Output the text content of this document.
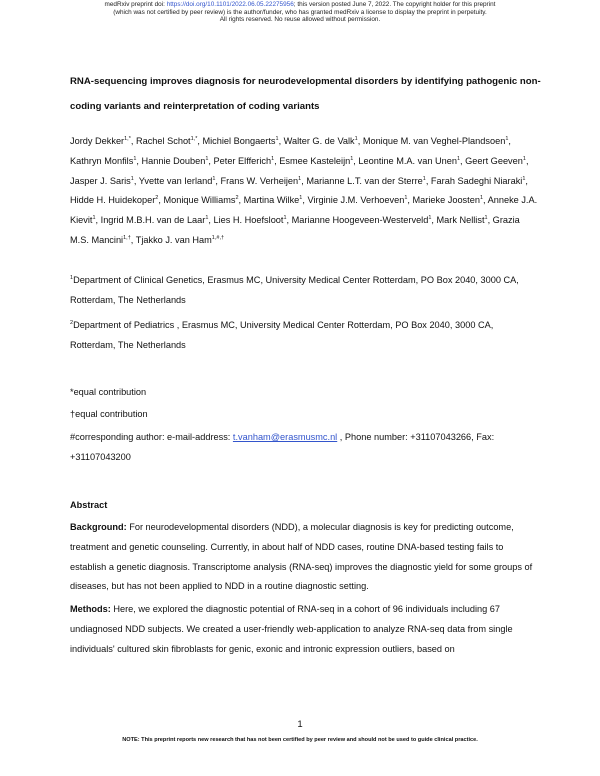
medRxiv preprint doi: https://doi.org/10.1101/2022.06.05.22275956; this version posted June 7, 2022. The copyright holder for this preprint
(which was not certified by peer review) is the author/funder, who has granted medRxiv a license to display the preprint in perpetuity.
All rights reserved. No reuse allowed without permission.
RNA-sequencing improves diagnosis for neurodevelopmental disorders by identifying pathogenic non-coding variants and reinterpretation of coding variants
Jordy Dekker$^{1,*}$, Rachel Schot$^{1,*}$, Michiel Bongaerts$^1$, Walter G. de Valk$^1$, Monique M. van Veghel-Plandsoen$^1$, Kathryn Monfils$^1$, Hannie Douben$^1$, Peter Elfferich$^1$, Esmee Kasteleijn$^1$, Leontine M.A. van Unen$^1$, Geert Geeven$^1$, Jasper J. Saris$^1$, Yvette van Ierland$^1$, Frans W. Verheijen$^1$, Marianne L.T. van der Sterre$^1$, Farah Sadeghi Niaraki$^1$, Hidde H. Huidekoper$^2$, Monique Williams$^2$, Martina Wilke$^1$, Virginie J.M. Verhoeven$^1$, Marieke Joosten$^1$, Anneke J.A. Kievit$^1$, Ingrid M.B.H. van de Laar$^1$, Lies H. Hoefsloot$^1$, Marianne Hoogeveen-Westerveld$^1$, Mark Nellist$^1$, Grazia M.S. Mancini$^{1,\dagger}$, Tjakko J. van Ham$^{1,\#,\dagger}$
$^1$Department of Clinical Genetics, Erasmus MC, University Medical Center Rotterdam, PO Box 2040, 3000 CA, Rotterdam, The Netherlands
$^2$Department of Pediatrics , Erasmus MC, University Medical Center Rotterdam, PO Box 2040, 3000 CA, Rotterdam, The Netherlands
*equal contribution
†equal contribution
#corresponding author: e-mail-address: t.vanham@erasmusmc.nl , Phone number: +31107043266, Fax: +31107043200
Abstract
Background: For neurodevelopmental disorders (NDD), a molecular diagnosis is key for predicting outcome, treatment and genetic counseling. Currently, in about half of NDD cases, routine DNA-based testing fails to establish a genetic diagnosis. Transcriptome analysis (RNA-seq) improves the diagnostic yield for some groups of diseases, but has not been applied to NDD in a routine diagnostic setting.
Methods: Here, we explored the diagnostic potential of RNA-seq in a cohort of 96 individuals including 67 undiagnosed NDD subjects. We created a user-friendly web-application to analyze RNA-seq data from single individuals' cultured skin fibroblasts for genic, exonic and intronic expression outliers, based on
1
NOTE: This preprint reports new research that has not been certified by peer review and should not be used to guide clinical practice.
